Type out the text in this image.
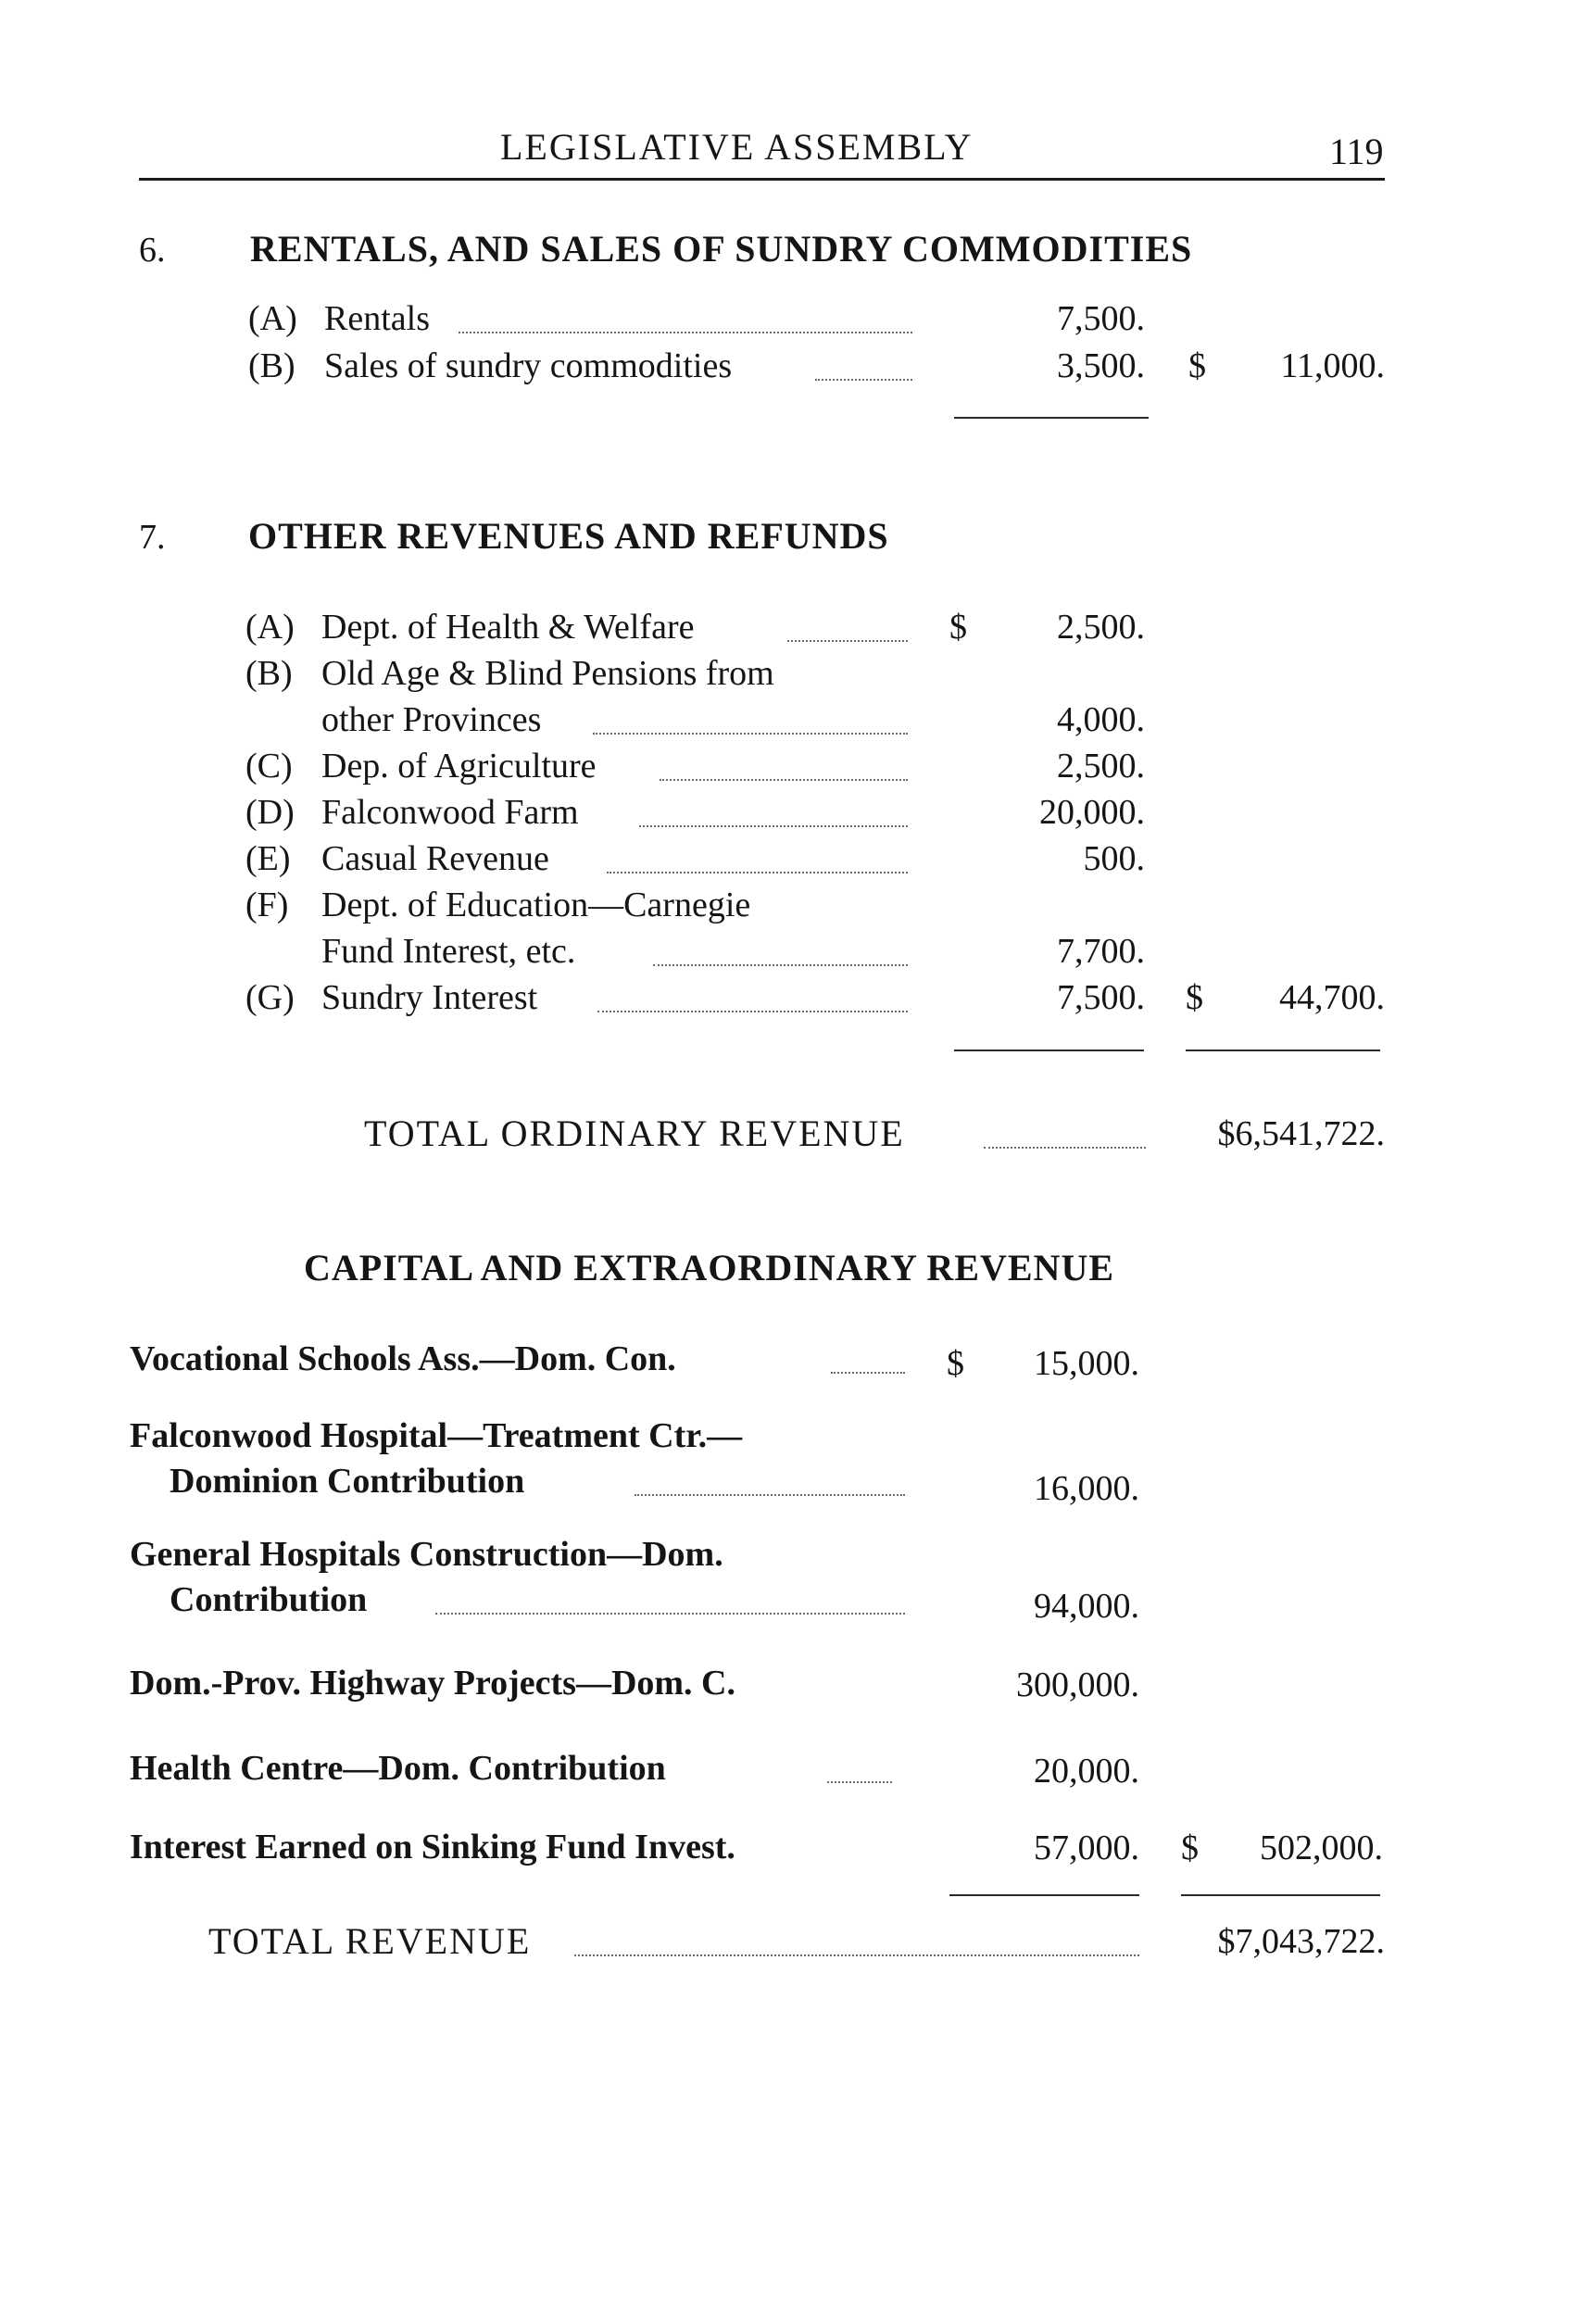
LEGISLATIVE ASSEMBLY	119
6. RENTALS, AND SALES OF SUNDRY COMMODITIES
(A) Rentals	7,500.
(B) Sales of sundry commodities	3,500. $ 11,000.
7. OTHER REVENUES AND REFUNDS
(A) Dept. of Health & Welfare	$	2,500.
(B) Old Age & Blind Pensions from
other Provinces	4,000.
(C) Dep. of Agriculture	2,500.
(D) Falconwood Farm	20,000.
(E) Casual Revenue	500.
(F) Dept. of Education—Carnegie
Fund Interest, etc.	7,700.
(G) Sundry Interest	7,500. $ 44,700.
TOTAL ORDINARY REVENUE	$6,541,722.
CAPITAL AND EXTRAORDINARY REVENUE
Vocational Schools Ass.—Dom. Con.	$ 15,000.
Falconwood Hospital—Treatment Ctr.—
Dominion Contribution	16,000.
General Hospitals Construction—Dom.
Contribution	94,000.
Dom.-Prov. Highway Projects—Dom. C.	300,000.
Health Centre—Dom. Contribution	20,000.
Interest Earned on Sinking Fund Invest.	57,000. $ 502,000.
TOTAL REVENUE	$7,043,722.
